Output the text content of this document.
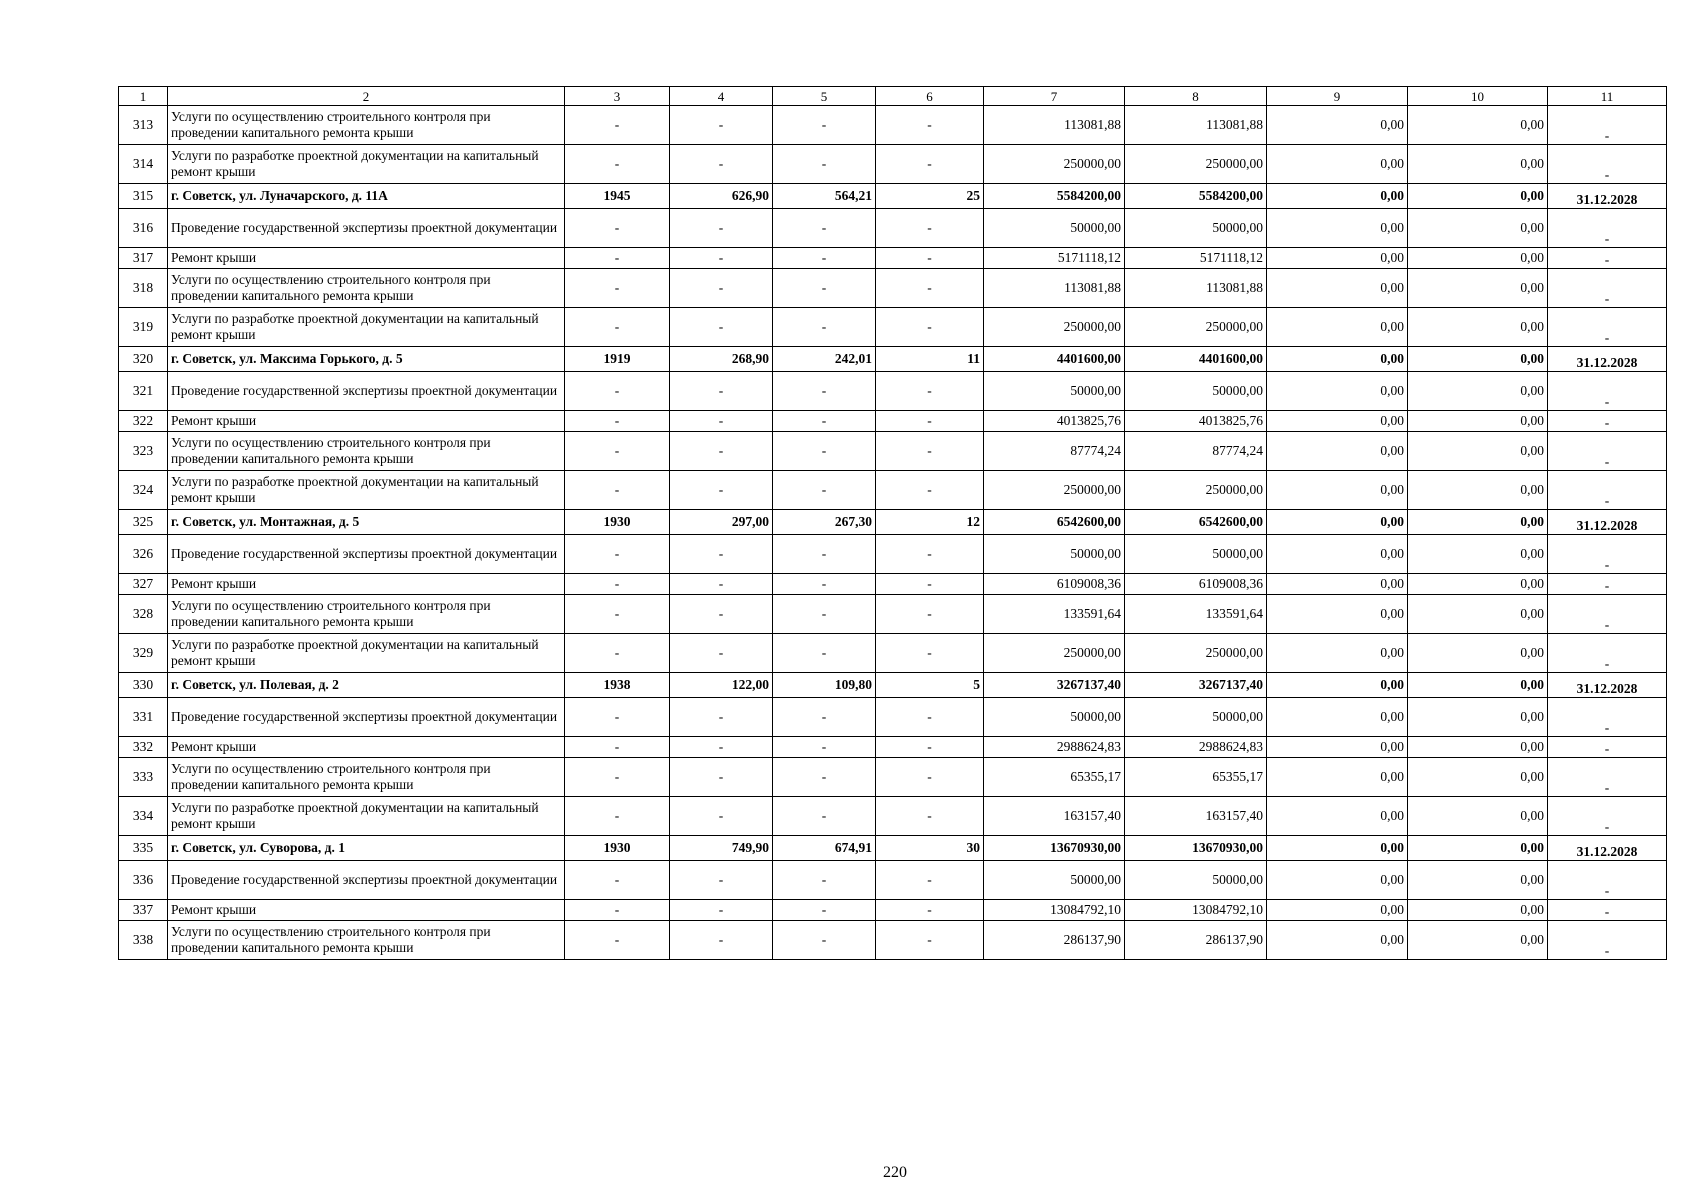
1	2	3	4	5	6	7	8	9	10	11
313	Услуги по осуществлению строительного контроля при проведении капитального ремонта крыши	-	-	-	-	113081,88	113081,88	0,00	0,00	-
314	Услуги по разработке проектной документации на капитальный ремонт крыши	-	-	-	-	250000,00	250000,00	0,00	0,00	-
315	г. Советск, ул. Луначарского, д. 11А	1945	626,90	564,21	25	5584200,00	5584200,00	0,00	0,00	31.12.2028
316	Проведение государственной экспертизы проектной документации	-	-	-	-	50000,00	50000,00	0,00	0,00	-
317	Ремонт крыши	-	-	-	-	5171118,12	5171118,12	0,00	0,00	-
318	Услуги по осуществлению строительного контроля при проведении капитального ремонта крыши	-	-	-	-	113081,88	113081,88	0,00	0,00	-
319	Услуги по разработке проектной документации на капитальный ремонт крыши	-	-	-	-	250000,00	250000,00	0,00	0,00	-
320	г. Советск, ул. Максима Горького, д. 5	1919	268,90	242,01	11	4401600,00	4401600,00	0,00	0,00	31.12.2028
321	Проведение государственной экспертизы проектной документации	-	-	-	-	50000,00	50000,00	0,00	0,00	-
322	Ремонт крыши	-	-	-	-	4013825,76	4013825,76	0,00	0,00	-
323	Услуги по осуществлению строительного контроля при проведении капитального ремонта крыши	-	-	-	-	87774,24	87774,24	0,00	0,00	-
324	Услуги по разработке проектной документации на капитальный ремонт крыши	-	-	-	-	250000,00	250000,00	0,00	0,00	-
325	г. Советск, ул. Монтажная, д. 5	1930	297,00	267,30	12	6542600,00	6542600,00	0,00	0,00	31.12.2028
326	Проведение государственной экспертизы проектной документации	-	-	-	-	50000,00	50000,00	0,00	0,00	-
327	Ремонт крыши	-	-	-	-	6109008,36	6109008,36	0,00	0,00	-
328	Услуги по осуществлению строительного контроля при проведении капитального ремонта крыши	-	-	-	-	133591,64	133591,64	0,00	0,00	-
329	Услуги по разработке проектной документации на капитальный ремонт крыши	-	-	-	-	250000,00	250000,00	0,00	0,00	-
330	г. Советск, ул. Полевая, д. 2	1938	122,00	109,80	5	3267137,40	3267137,40	0,00	0,00	31.12.2028
331	Проведение государственной экспертизы проектной документации	-	-	-	-	50000,00	50000,00	0,00	0,00	-
332	Ремонт крыши	-	-	-	-	2988624,83	2988624,83	0,00	0,00	-
333	Услуги по осуществлению строительного контроля при проведении капитального ремонта крыши	-	-	-	-	65355,17	65355,17	0,00	0,00	-
334	Услуги по разработке проектной документации на капитальный ремонт крыши	-	-	-	-	163157,40	163157,40	0,00	0,00	-
335	г. Советск, ул. Суворова, д. 1	1930	749,90	674,91	30	13670930,00	13670930,00	0,00	0,00	31.12.2028
336	Проведение государственной экспертизы проектной документации	-	-	-	-	50000,00	50000,00	0,00	0,00	-
337	Ремонт крыши	-	-	-	-	13084792,10	13084792,10	0,00	0,00	-
338	Услуги по осуществлению строительного контроля при проведении капитального ремонта крыши	-	-	-	-	286137,90	286137,90	0,00	0,00	-
220
